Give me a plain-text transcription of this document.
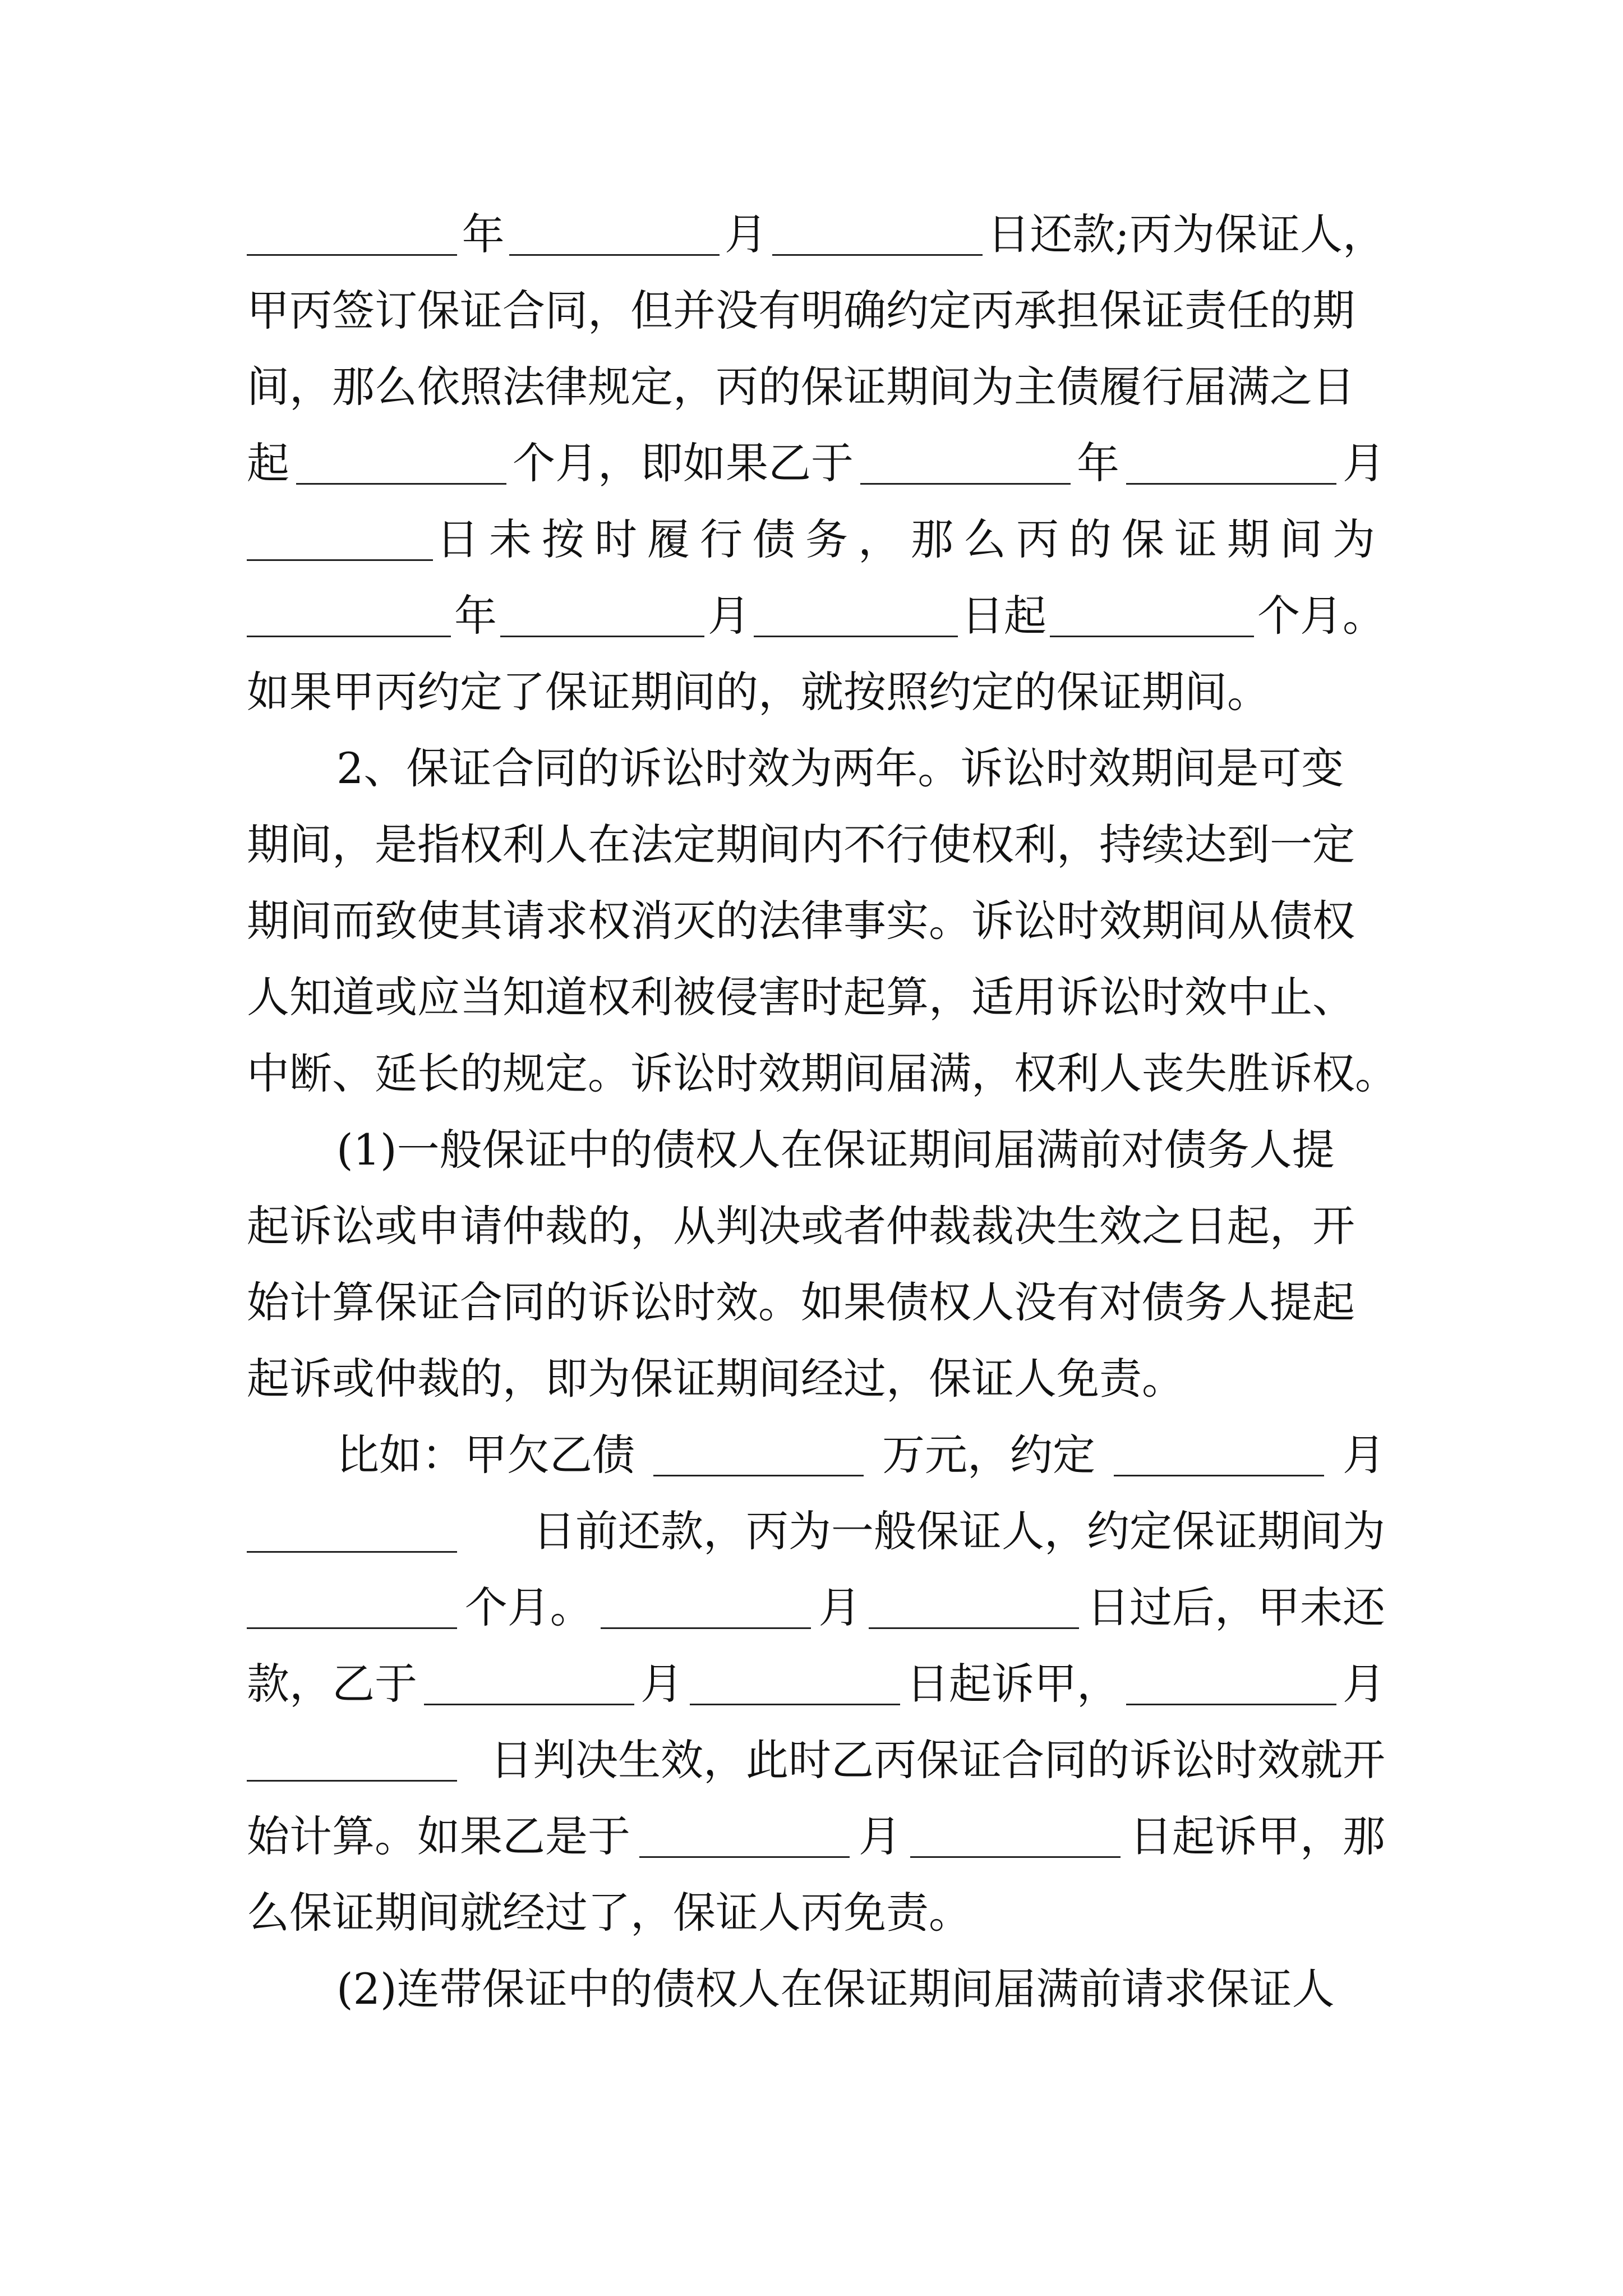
年	月	日还款;丙为保证人，
甲丙签订保证合同，但并没有明确约定丙承担保证责任的期
间，那么依照法律规定，丙的保证期间为主债履行届满之日
起	个月，即如果乙于	年	月
日未按时履行债务，那么丙的保证期间为
年	月	日起	个月。
如果甲丙约定了保证期间的，就按照约定的保证期间。
2、保证合同的诉讼时效为两年。诉讼时效期间是可变
期间，是指权利人在法定期间内不行使权利，持续达到一定
期间而致使其请求权消灭的法律事实。诉讼时效期间从债权
人知道或应当知道权利被侵害时起算，适用诉讼时效中止、
中断、延长的规定。诉讼时效期间届满，权利人丧失胜诉权。
(1)一般保证中的债权人在保证期间届满前对债务人提
起诉讼或申请仲裁的，从判决或者仲裁裁决生效之日起，开
始计算保证合同的诉讼时效。如果债权人没有对债务人提起
起诉或仲裁的，即为保证期间经过，保证人免责。
比如：甲欠乙债	万元，约定	月
日前还款，丙为一般保证人，约定保证期间为
个月。	月	日过后，甲未还
款，乙于	月	日起诉甲，	月
日判决生效，此时乙丙保证合同的诉讼时效就开
始计算。如果乙是于	月	日起诉甲，那
么保证期间就经过了，保证人丙免责。
(2)连带保证中的债权人在保证期间届满前请求保证人
